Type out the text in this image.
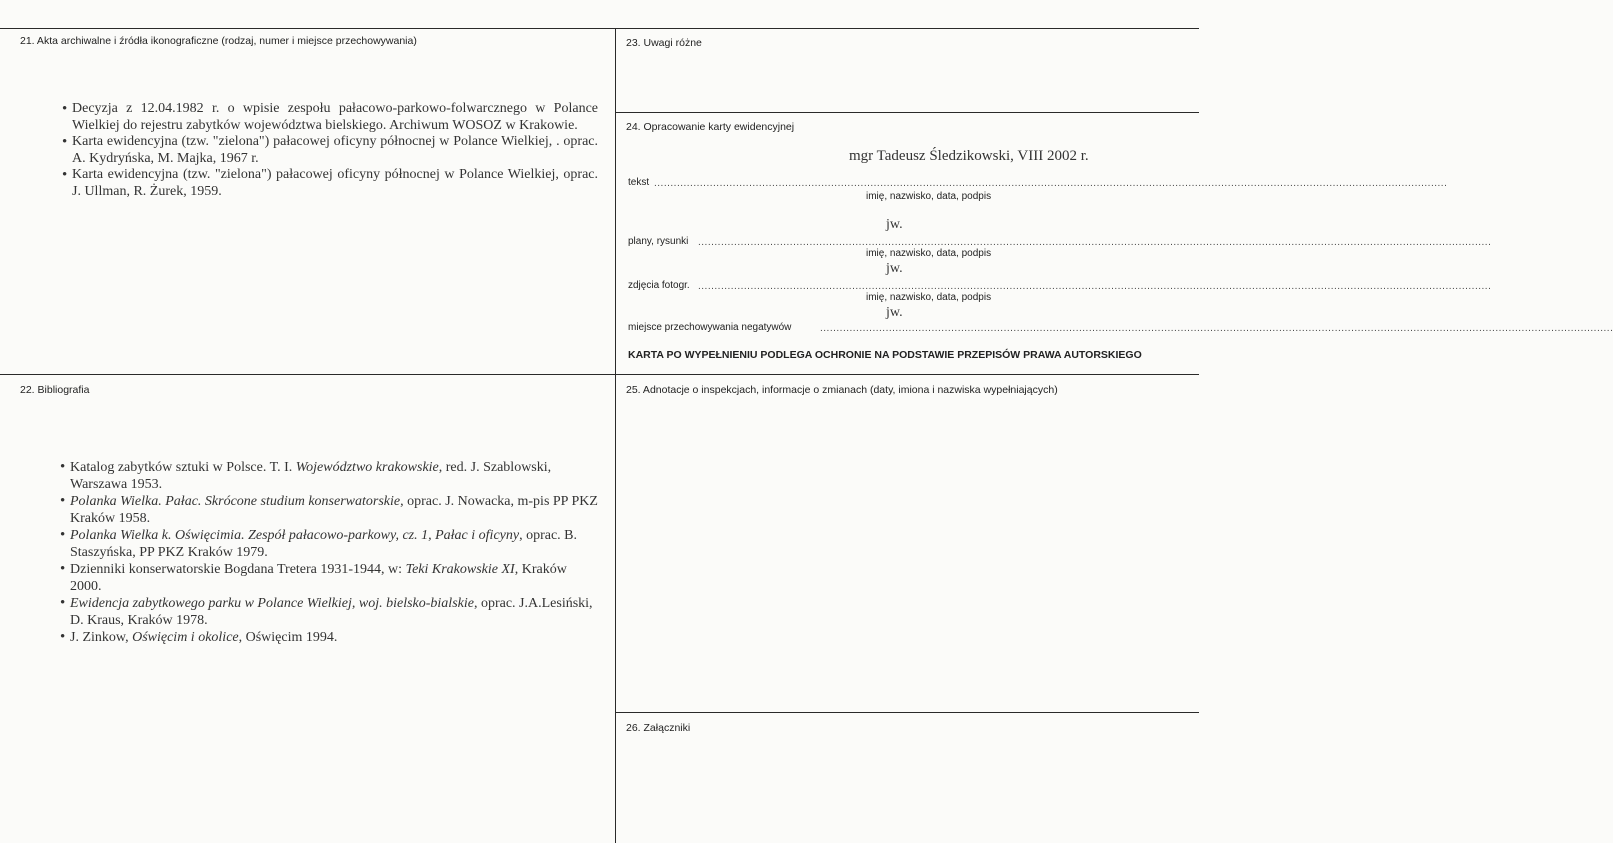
21. Akta archiwalne i źródła ikonograficzne (rodzaj, numer i miejsce przechowywania)
• Decyzja z 12.04.1982 r. o wpisie zespołu pałacowo-parkowo-folwarcznego w Polance Wielkiej do rejestru zabytków województwa bielskiego. Archiwum WOSOZ w Krakowie.
• Karta ewidencyjna (tzw. "zielona") pałacowej oficyny północnej w Polance Wielkiej, . oprac. A. Kydryńska, M. Majka, 1967 r.
• Karta ewidencyjna (tzw. "zielona") pałacowej oficyny północnej w Polance Wielkiej, oprac. J. Ullman, R. Żurek, 1959.
22. Bibliografia
• Katalog zabytków sztuki w Polsce. T. I. Województwo krakowskie, red. J. Szablowski, Warszawa 1953.
• Polanka Wielka. Pałac. Skrócone studium konserwatorskie, oprac. J. Nowacka, m-pis PP PKZ Kraków 1958.
• Polanka Wielka k. Oświęcimia. Zespół pałacowo-parkowy, cz. 1, Pałac i oficyny, oprac. B. Staszyńska, PP PKZ Kraków 1979.
• Dzienniki konserwatorskie Bogdana Tretera 1931-1944, w: Teki Krakowskie XI, Kraków 2000.
• Ewidencja zabytkowego parku w Polance Wielkiej, woj. bielsko-bialskie, oprac. J.A.Lesiński, D. Kraus, Kraków 1978.
• J. Zinkow, Oświęcim i okolice, Oświęcim 1994.
23. Uwagi różne
24. Opracowanie karty ewidencyjnej
mgr Tadeusz Śledzikowski, VIII 2002 r.
tekst ..................................................................................................................................................................................................................................................
imię, nazwisko, data, podpis
jw.
plany, rysunki ..................................................................................................................................................................................................................................................
imię, nazwisko, data, podpis
jw.
zdjęcia fotogr. ..................................................................................................................................................................................................................................................
imię, nazwisko, data, podpis
jw.
miejsce przechowywania negatywów	..................................................................................................................................................................................................................................................
KARTA PO WYPEŁNIENIU PODLEGA OCHRONIE NA PODSTAWIE PRZEPISÓW PRAWA AUTORSKIEGO
25. Adnotacje o inspekcjach, informacje o zmianach (daty, imiona i nazwiska wypełniających)
26. Załączniki
